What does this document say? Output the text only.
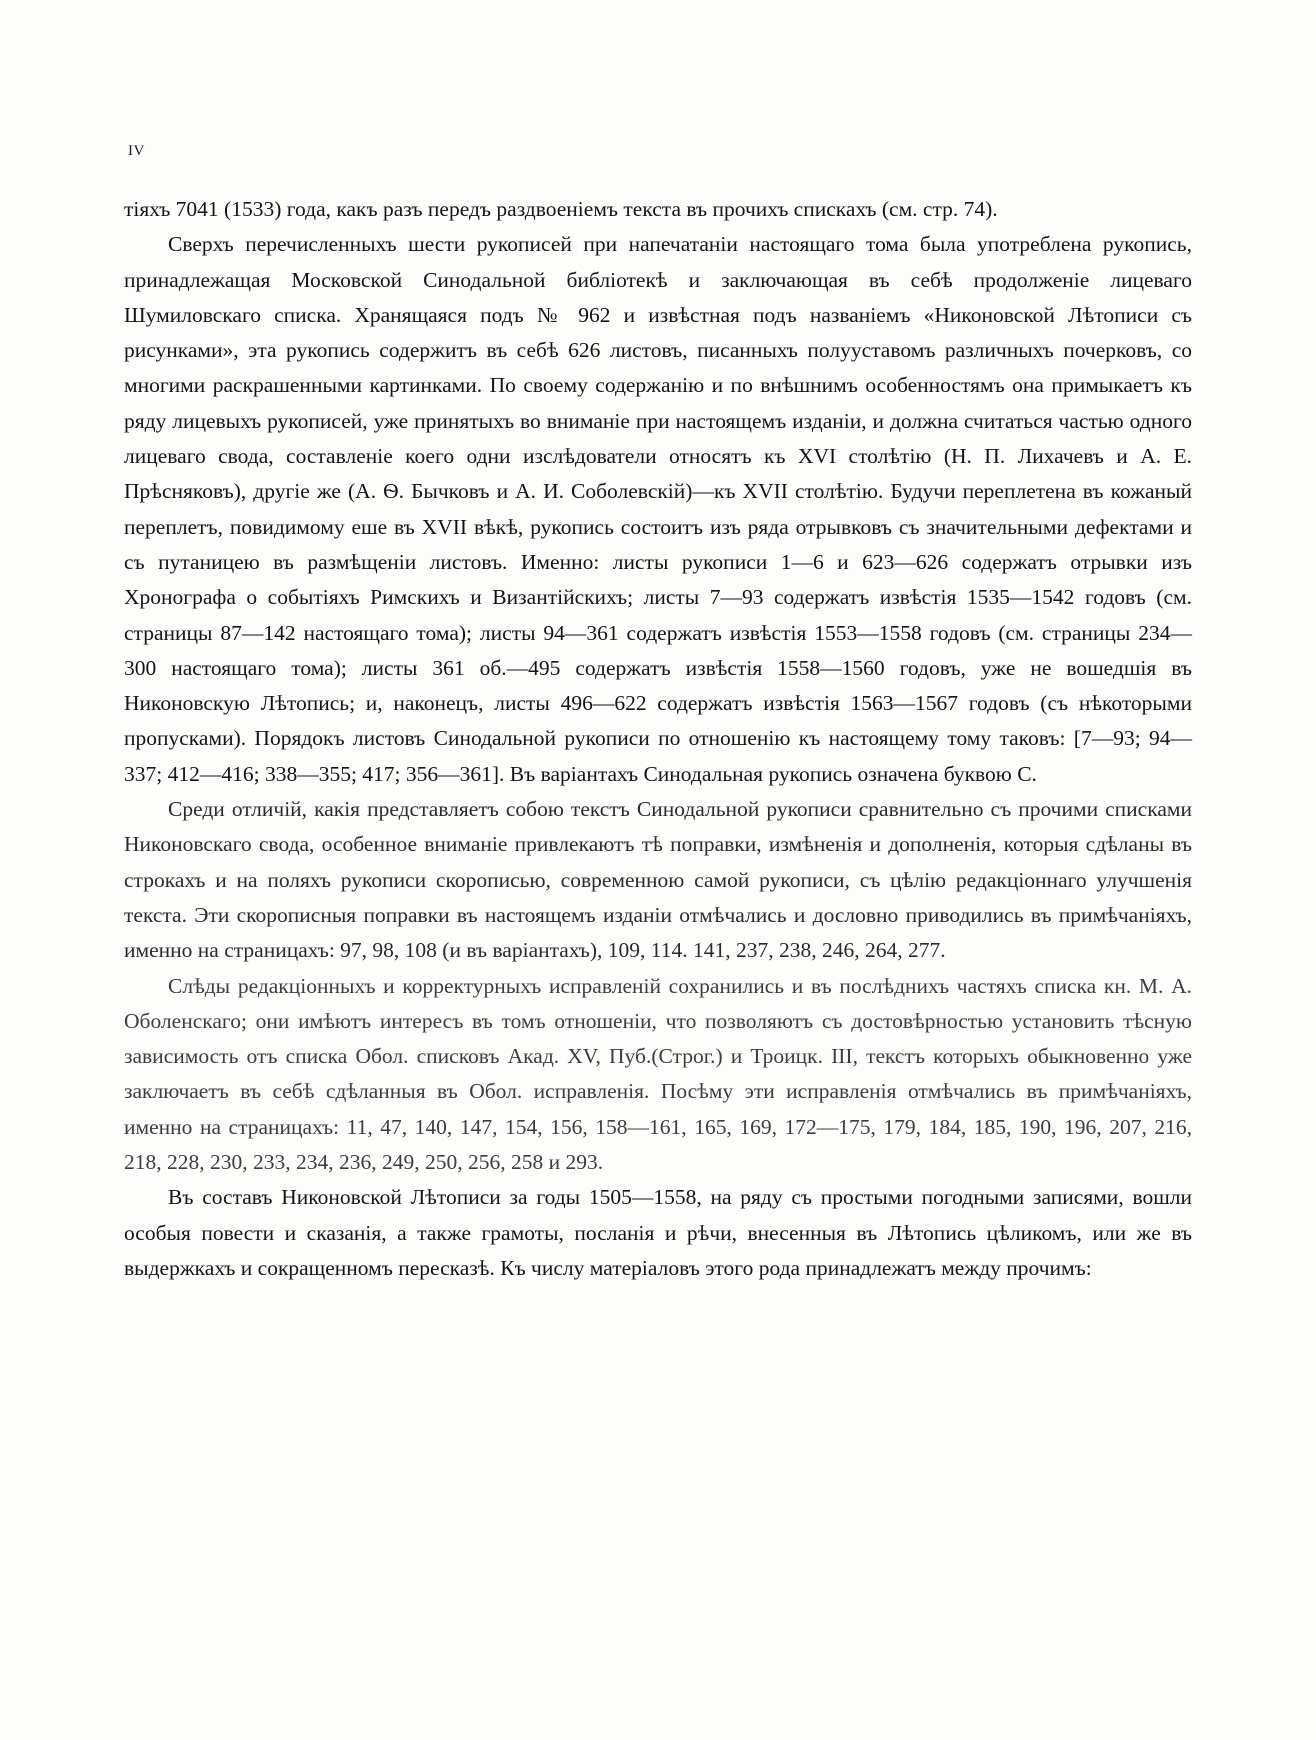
IV

тіяхъ 7041 (1533) года, какъ разъ передъ раздвоеніемъ текста въ прочихъ спискахъ (см. стр. 74).

Сверхъ перечисленныхъ шести рукописей при напечатаніи настоящаго тома была употреблена рукопись, принадлежащая Московской Синодальной библіотекѣ и заключающая въ себѣ продолженіе лицеваго Шумиловскаго списка. Хранящаяся подъ № 962 и извѣстная подъ названіемъ «Никоновской Лѣтописи съ рисунками», эта рукопись содержитъ въ себѣ 626 листовъ, писанныхъ полууставомъ различныхъ почерковъ, со многими раскрашенными картинками. По своему содержанію и по внѣшнимъ особенностямъ она примыкаетъ къ ряду лицевыхъ рукописей, уже принятыхъ во вниманіе при настоящемъ изданіи, и должна считаться частью одного лицеваго свода, составленіе коего одни изслѣдователи относятъ къ XVI столѣтію (Н. П. Лихачевъ и А. Е. Прѣсняковъ), другіе же (А. Ѳ. Бычковъ и А. И. Соболевскій)—къ XVII столѣтію. Будучи переплетена въ кожаный переплетъ, повидимому еше въ XVII вѣкѣ, рукопись состоитъ изъ ряда отрывковъ съ значительными дефектами и съ путаницею въ размѣщеніи листовъ. Именно: листы рукописи 1—6 и 623—626 содержатъ отрывки изъ Хронографа о событіяхъ Римскихъ и Византійскихъ; листы 7—93 содержатъ извѣстія 1535—1542 годовъ (см. страницы 87—142 настоящаго тома); листы 94—361 содержатъ извѣстія 1553—1558 годовъ (см. страницы 234—300 настоящаго тома); листы 361 об.—495 содержатъ извѣстія 1558—1560 годовъ, уже не вошедшія въ Никоновскую Лѣтопись; и, наконецъ, листы 496—622 содержатъ извѣстія 1563—1567 годовъ (съ нѣкоторыми пропусками). Порядокъ листовъ Синодальной рукописи по отношенію къ настоящему тому таковъ: [7—93; 94—337; 412—416; 338—355; 417; 356—361]. Въ варіантахъ Синодальная рукопись означена буквою С.

Среди отличій, какія представляетъ собою текстъ Синодальной рукописи сравнительно съ прочими списками Никоновскаго свода, особенное вниманіе привлекаютъ тѣ поправки, измѣненія и дополненія, которыя сдѣланы въ строкахъ и на поляхъ рукописи скорописью, современною самой рукописи, съ цѣлію редакціоннаго улучшенія текста. Эти скорописныя поправки въ настоящемъ изданіи отмѣчались и дословно приводились въ примѣчаніяхъ, именно на страницахъ: 97, 98, 108 (и въ варіантахъ), 109, 114. 141, 237, 238, 246, 264, 277.

Слѣды редакціонныхъ и корректурныхъ исправленій сохранились и въ послѣднихъ частяхъ списка кн. М. А. Оболенскаго; они имѣютъ интересъ въ томъ отношеніи, что позволяютъ съ достовѣрностью установить тѣсную зависимость отъ списка Обол. списковъ Акад. XV, Пуб.(Строг.) и Троицк. III, текстъ которыхъ обыкновенно уже заключаетъ въ себѣ сдѣланныя въ Обол. исправленія. Посѣму эти исправленія отмѣчались въ примѣчаніяхъ, именно на страницахъ: 11, 47, 140, 147, 154, 156, 158—161, 165, 169, 172—175, 179, 184, 185, 190, 196, 207, 216, 218, 228, 230, 233, 234, 236, 249, 250, 256, 258 и 293.

Въ составъ Никоновской Лѣтописи за годы 1505—1558, на ряду съ простыми погодными записями, вошли особыя повести и сказанія, а также грамоты, посланія и рѣчи, внесенныя въ Лѣтопись цѣликомъ, или же въ выдержкахъ и сокращенномъ пересказѣ. Къ числу матеріаловъ этого рода принадлежатъ между прочимъ:
